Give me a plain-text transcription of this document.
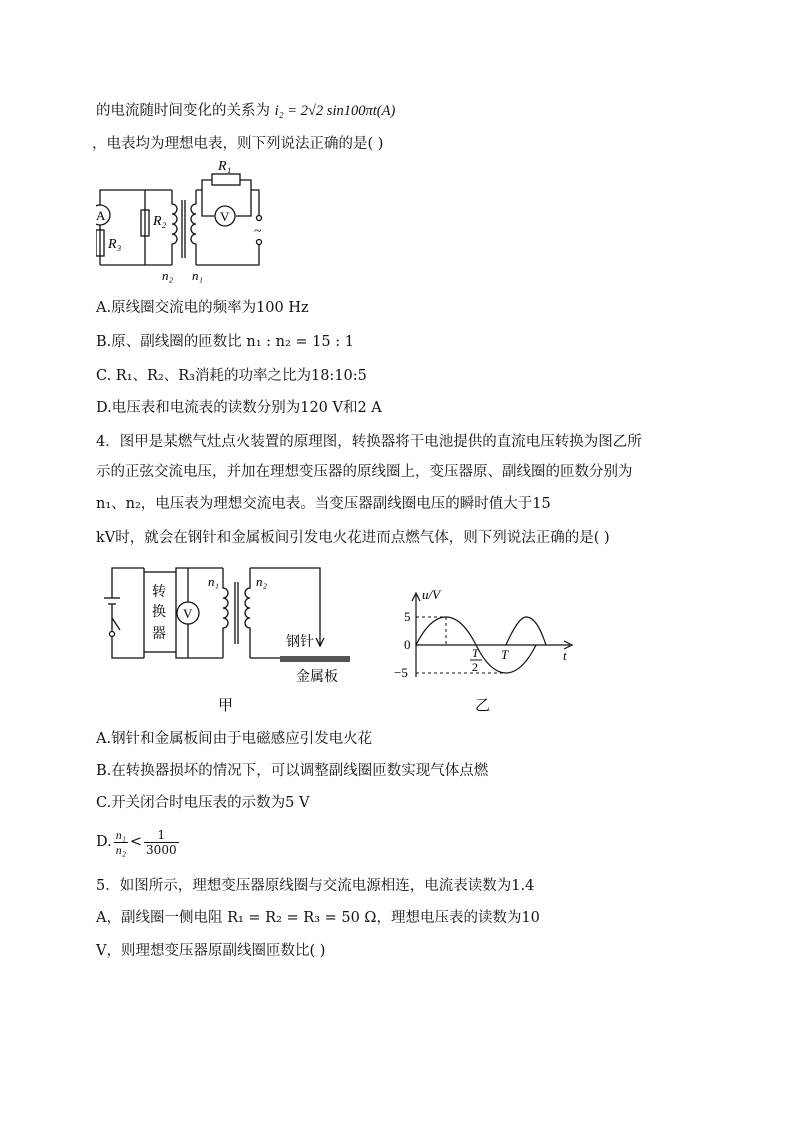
的电流随时间变化的关系为 i₂ = 2√2 sin100πt(A)
，电表均为理想电表，则下列说法正确的是( )
A	V
R₁
R₂
R₃
n₂ n₁
~
A.原线圈交流电的频率为100 Hz
B.原、副线圈的匝数比 n₁ : n₂ = 15 : 1
C. R₁、R₂、R₃消耗的功率之比为18:10:5
D.电压表和电流表的读数分别为120 V和2 A
4．图甲是某燃气灶点火装置的原理图，转换器将干电池提供的直流电压转换为图乙所
示的正弦交流电压，并加在理想变压器的原线圈上，变压器原、副线圈的匝数分别为
n₁、n₂，电压表为理想交流电表。当变压器副线圈电压的瞬时值大于15
kV时，就会在钢针和金属板间引发电火花进而点燃气体，则下列说法正确的是( )
V
转
换
器
n₁	n₂
钢针
金属板
甲
u/V
t
5
0
−5
T
2
T
乙
A.钢针和金属板间由于电磁感应引发电火花
B.在转换器损坏的情况下，可以调整副线圈匝数实现气体点燃
C.开关闭合时电压表的示数为5 V
D. $\frac{\text{n₁}}{\text{n₂}} < \frac{1}{3000}$
5．如图所示，理想变压器原线圈与交流电源相连，电流表读数为1.4
A，副线圈一侧电阻 R₁ = R₂ = R₃ = 50 Ω，理想电压表的读数为10
V，则理想变压器原副线圈匝数比( )
